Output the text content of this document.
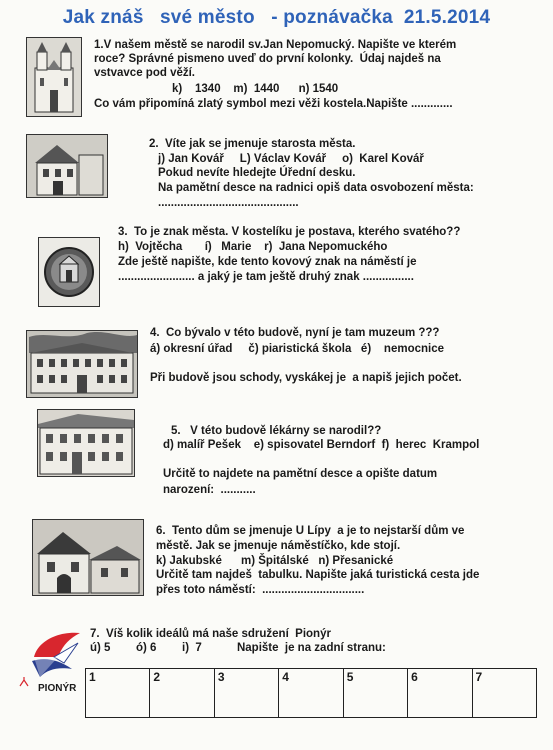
Jak znáš   své město   - poznávačka  21.5.2014
1.V našem městě se narodil sv.Jan Nepomucký. Napište ve kterém
roce? Správné pismeno uveď do první kolonky.  Údaj najdeš na
vstvavce pod věží.
k)    1340    m)  1440      n) 1540
Co vám připomíná zlatý symbol mezi věži kostela.Napište .............
2.  Víte jak se jmenuje starosta města.
j) Jan Kovář     L) Václav Kovář     o)  Karel Kovář
Pokud nevíte hledejte Úřední desku.
Na pamětní desce na radnici opiš data osvobození města:
............................................
3.  To je znak města. V kostelíku je postava, kterého svatého??
h)  Vojtěcha       í)   Marie    r)  Jana Nepomuckého
Zde ještě napište, kde tento kovový znak na náměstí je
........................ a jaký je tam ještě druhý znak ................
4.  Co bývalo v této budově, nyní je tam muzeum ???
á) okresní úřad     č) piaristická škola   é)    nemocnice
Při budově jsou schody, vyskákej je  a napiš jejich počet.
5.   V této budově lékárny se narodil??
d) malíř Pešek    e) spisovatel Berndorf  f)  herec  Krampol
Určitě to najdete na pamětní desce a opište datum
narození:  ...........
6.  Tento dům se jmenuje U Lípy  a je to nejstarší dům ve
městě. Jak se jmenuje náměstíčko, kde stojí.
k) Jakubské      m) Špitálské   n) Přesanické
Určitě tam najdeš  tabulku. Napište jaká turistická cesta jde
přes toto náměstí:  ................................
PIONÝR
7.  Víš kolik ideálů má naše sdružení  Pionýr
ú) 5        ó) 6        i)  7           Napište  je na zadní stranu:
1	2	3	4	5	6	7
